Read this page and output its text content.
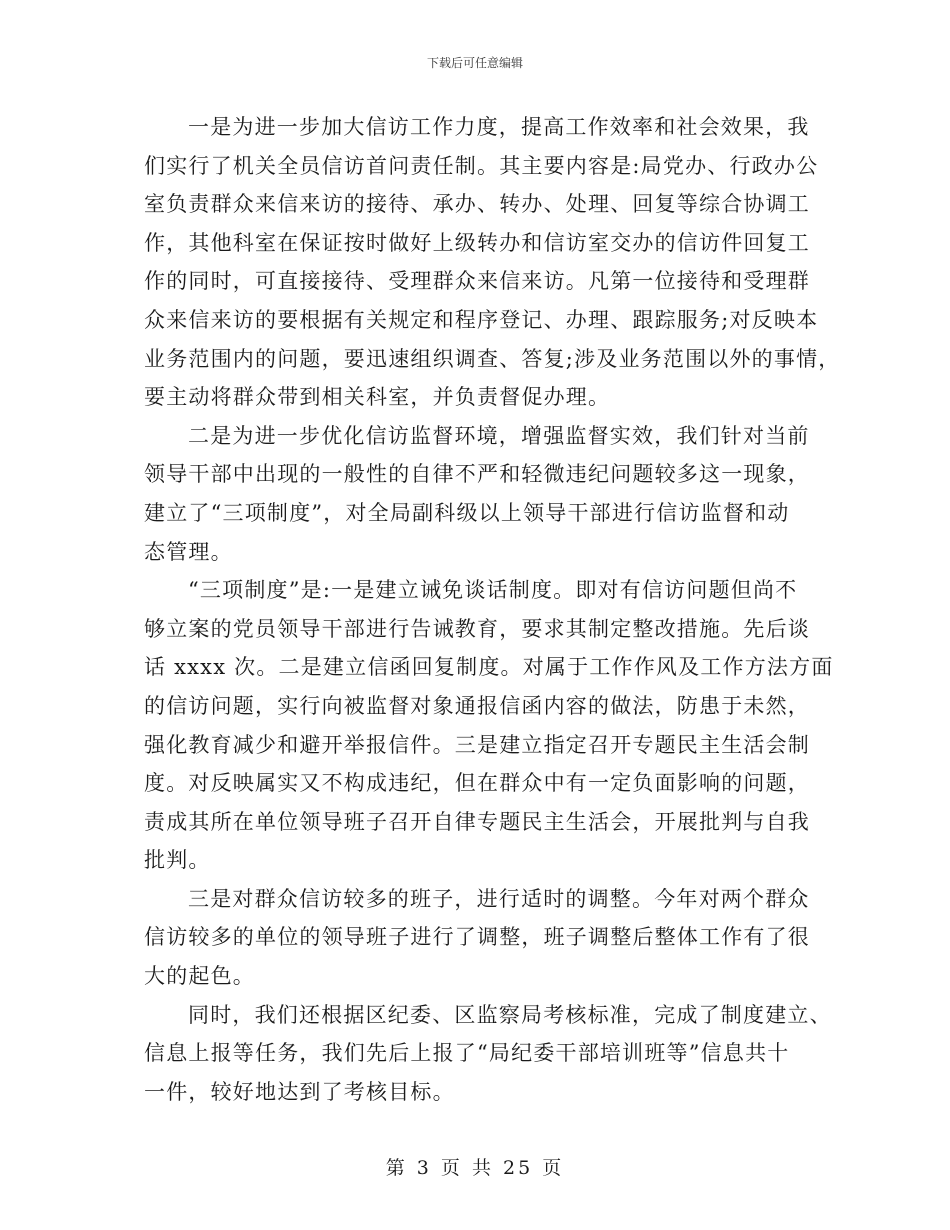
下载后可任意编辑

一是为进一步加大信访工作力度，提高工作效率和社会效果，我
们实行了机关全员信访首问责任制。其主要内容是:局党办、行政办公
室负责群众来信来访的接待、承办、转办、处理、回复等综合协调工
作，其他科室在保证按时做好上级转办和信访室交办的信访件回复工
作的同时，可直接接待、受理群众来信来访。凡第一位接待和受理群
众来信来访的要根据有关规定和程序登记、办理、跟踪服务;对反映本
业务范围内的问题，要迅速组织调查、答复;涉及业务范围以外的事情，
要主动将群众带到相关科室，并负责督促办理。

二是为进一步优化信访监督环境，增强监督实效，我们针对当前
领导干部中出现的一般性的自律不严和轻微违纪问题较多这一现象，
建立了“三项制度”，对全局副科级以上领导干部进行信访监督和动
态管理。

“三项制度”是:一是建立诫免谈话制度。即对有信访问题但尚不
够立案的党员领导干部进行告诫教育，要求其制定整改措施。先后谈
话 xxxx 次。二是建立信函回复制度。对属于工作作风及工作方法方面
的信访问题，实行向被监督对象通报信函内容的做法，防患于未然，
强化教育减少和避开举报信件。三是建立指定召开专题民主生活会制
度。对反映属实又不构成违纪，但在群众中有一定负面影响的问题，
责成其所在单位领导班子召开自律专题民主生活会，开展批判与自我
批判。

三是对群众信访较多的班子，进行适时的调整。今年对两个群众
信访较多的单位的领导班子进行了调整，班子调整后整体工作有了很
大的起色。

同时，我们还根据区纪委、区监察局考核标准，完成了制度建立、
信息上报等任务，我们先后上报了“局纪委干部培训班等”信息共十
一件，较好地达到了考核目标。

第 3 页 共 25 页
